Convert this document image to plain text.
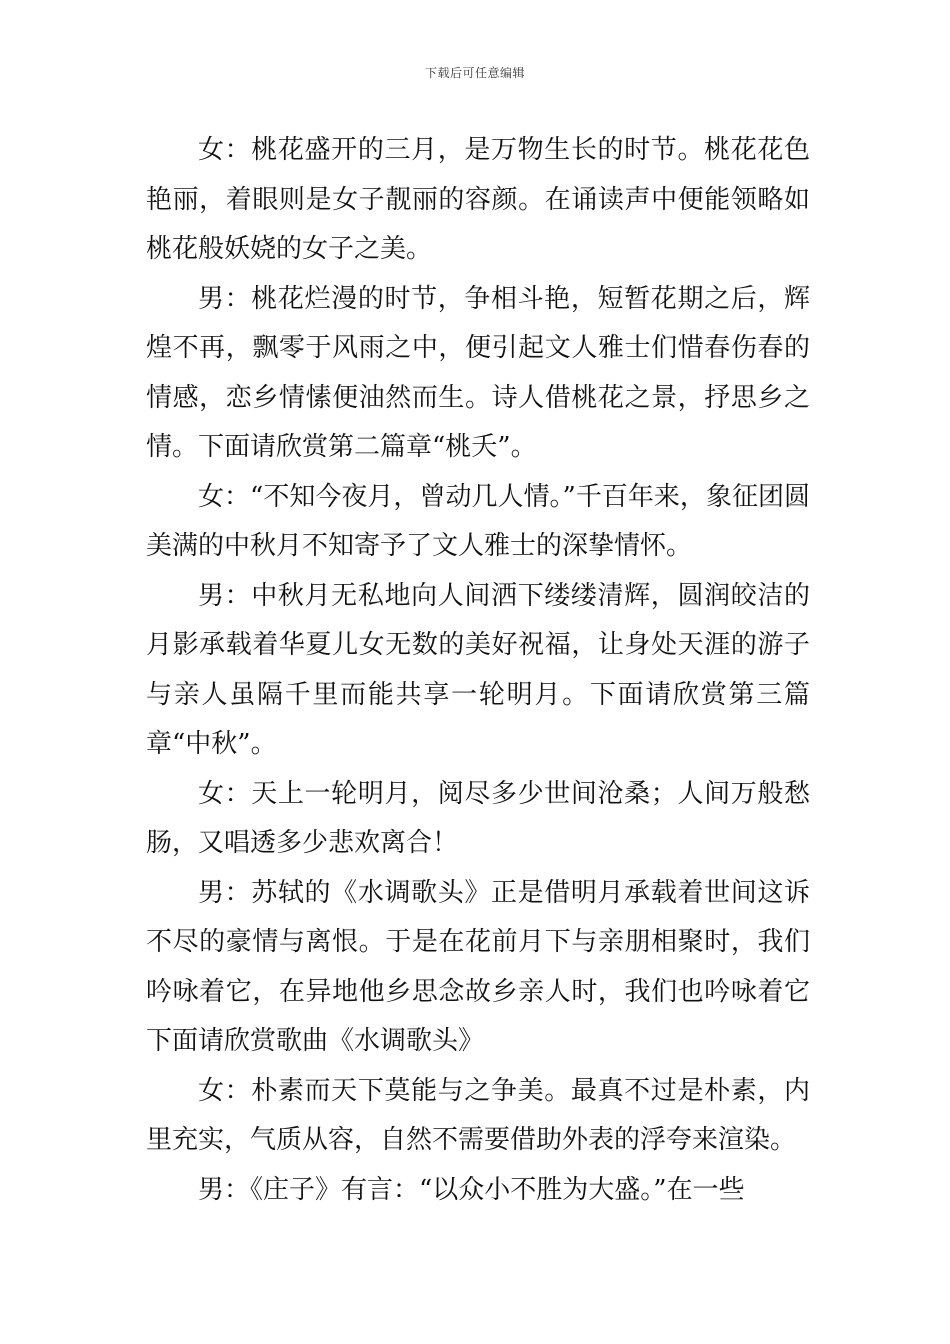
下载后可任意编辑

女：桃花盛开的三月，是万物生长的时节。桃花花色艳丽，着眼则是女子靓丽的容颜。在诵读声中便能领略如桃花般妖娆的女子之美。

男：桃花烂漫的时节，争相斗艳，短暂花期之后，辉煌不再，飘零于风雨之中，便引起文人雅士们惜春伤春的情感，恋乡情愫便油然而生。诗人借桃花之景，抒思乡之情。下面请欣赏第二篇章“桃夭”。

女：“不知今夜月，曾动几人情。”千百年来，象征团圆美满的中秋月不知寄予了文人雅士的深挚情怀。

男：中秋月无私地向人间洒下缕缕清辉，圆润皎洁的月影承载着华夏儿女无数的美好祝福，让身处天涯的游子与亲人虽隔千里而能共享一轮明月。下面请欣赏第三篇章“中秋”。

女：天上一轮明月，阅尽多少世间沧桑；人间万般愁肠，又唱透多少悲欢离合！

男：苏轼的《水调歌头》正是借明月承载着世间这诉不尽的豪情与离恨。于是在花前月下与亲朋相聚时，我们吟咏着它，在异地他乡思念故乡亲人时，我们也吟咏着它下面请欣赏歌曲《水调歌头》

女：朴素而天下莫能与之争美。最真不过是朴素，内里充实，气质从容，自然不需要借助外表的浮夸来渲染。

男：《庄子》有言：“以众小不胜为大盛。”在一些
